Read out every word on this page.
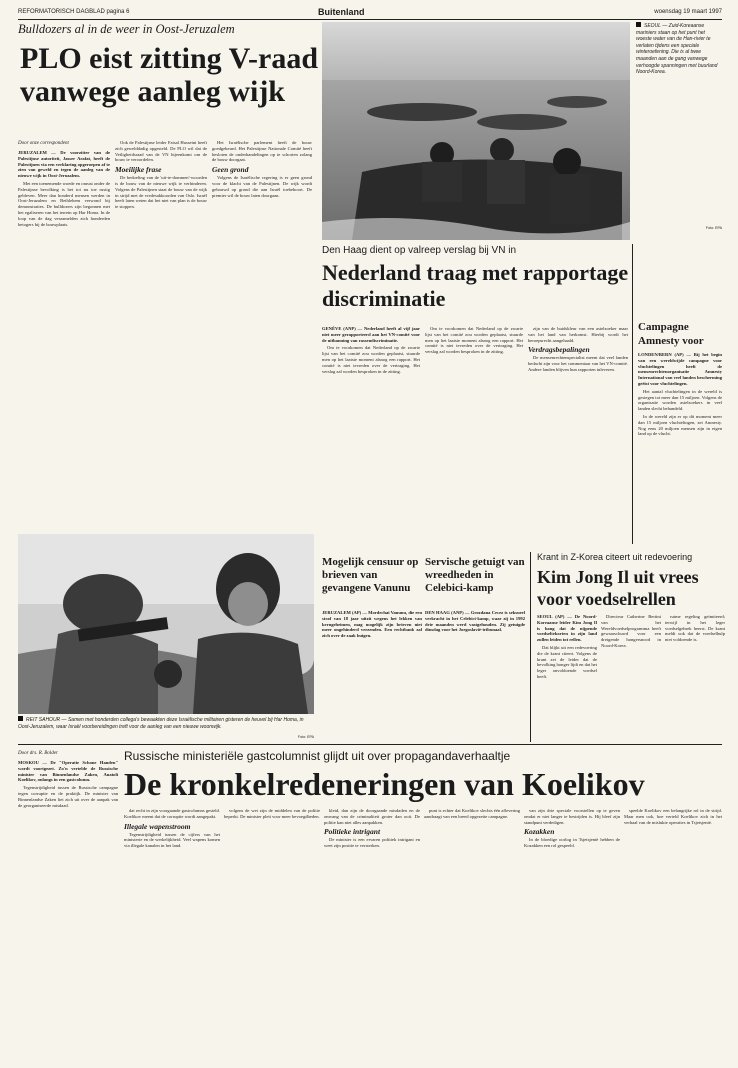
REFORMATORISCH DAGBLAD pagina 6	Buitenland	woensdag 19 maart 1997
Bulldozers al in de weer in Oost-Jeruzalem
PLO eist zitting V-raad vanwege aanleg wijk
Door onze correspondent

JERUZALEM — De voorzitter van de Palestijnse autoriteit, Jasser Arafat, heeft de Palestijnen via een verklaring opgeroepen af te zien van geweld en tegen de aanleg van de nieuwe wijk in Oost-Jeruzalem.

Met een toenemende woede en onrust onder de Palestijnse bevolking is het tot nu toe rustig gebleven. Meer dan honderd mensen werden in Oost-Jeruzalem en Bethlehem verwond bij demonstraties. De bulldozers zijn begonnen met het egaliseren van het terrein op Har Homa. In de loop van de dag verzamelden zich honderden betogers bij de bouwplaats.

Ook de Palestijnse leider Faisal Husseini heeft zich gewelddadig opgesteld. De PLO wil dat de Veiligheidsraad van de VN bijeenkomt om de bouw te veroordelen.

Moeilijke frase

De bedoeling van de 'uit-te-dommen'-woorden is de bouw van de nieuwe wijk te verhinderen. Volgens de Palestijnen staat de bouw van de wijk in strijd met de vredesakkoorden van Oslo. Israël heeft laten weten dat het niet van plan is de bouw te stoppen.

Het Israëlische parlement heeft de bouw goedgekeurd. Het Palestijnse Nationale Comité heeft besloten de onderhandelingen op te schorten zolang de bouw doorgaat.

Geen grond

Volgens de Israëlische regering is er geen grond voor de klacht van de Palestijnen. De wijk wordt gebouwd op grond die aan Israël toebehoort. De premier wil de bouw laten doorgaan.

SEOUL — Zuid-Koreaanse mariniers staan op het punt het woeste water van de Han-rivier te verlaten tijdens een speciale winteroefening. Die is al twee maanden aan de gang vanwege verhoogde spanningen met buurland Noord-Korea.
Foto: EPA
Den Haag dient op valreep verslag bij VN in
Nederland traag met rapportage discriminatie

GENÈVE (ANP) — Nederland heeft al vijf jaar niet meer gerapporteerd aan het VN-comité voor de uitbanning van rassendiscriminatie.

Om te voorkomen dat Nederland op de zwarte lijst van het comité zou worden geplaatst, stuurde men op het laatste moment alsnog een rapport. Het comité is niet tevreden over de vertraging. Het verslag zal worden besproken in de zitting.

Om te voorkomen dat Nederland op de zwarte lijst van het comité zou worden geplaatst, stuurde men op het laatste moment alsnog een rapport. Het comité is niet tevreden over de vertraging. Het verslag zal worden besproken in de zitting.

zijn van de huidskleur van een asielzoeker maar van het land van herkomst. Hierbij wordt het beroepsrecht aangehaald.

Verdragsbepalingen

De mensenrechtenspecialist meent dat veel landen bedacht zijn voor het commentaar van het VN-comité. Andere landen blijven hun rapporten inleveren.

Campagne Amnesty voor

LONDEN/BERN (AP) — Bij het begin van een wereldwijde campagne voor vluchtelingen heeft de mensenrechtenorganisatie Amnesty International van veel landen bescherming geëist voor vluchtelingen.

Het aantal vluchtelingen in de wereld is gestegen tot meer dan 15 miljoen. Volgens de organisatie worden asielzoekers in veel landen slecht behandeld.

In de wereld zijn er op dit moment meer dan 15 miljoen vluchtelingen, zei Amnesty. Nog eens 20 miljoen mensen zijn in eigen land op de vlucht.

REIT SAHOUR — Samen met honderden collega's bewaakten deze Israëlische militairen gisteren de heuvel bij Har Homa, in Oost-Jeruzalem, waar Israël voorbereidingen treft voor de aanleg van een nieuwe woonwijk.
Foto: EPA
Mogelijk censuur op brieven van gevangene Vanunu

JERUZALEM (AP) — Mordechai Vanunu, die een straf van 18 jaar uitzit wegens het lekken van kerngeheimen, mag mogelijk zijn brieven niet meer ongehinderd verzenden. Een rechtbank zal zich over de zaak buigen.

Servische getuigt van wreedheden in Celebici-kamp

DEN HAAG (ANP) — Grozdana Cecez is seksueel verkracht in het Celebici-kamp, waar zij in 1992 drie maanden werd vastgehouden. Zij getuigde dinsdag voor het Joegoslavië-tribunaal.

Krant in Z-Korea citeert uit redevoering
Kim Jong Il uit vrees voor voedselrellen

SEOUL (AP) — De Noord-Koreaanse leider Kim Jong Il is bang dat de nijpende voedseltekorten in zijn land zullen leiden tot rellen.

Dat blijkt uit een redevoering die de krant citeert. Volgens de krant zei de leider dat de bevolking honger lijdt en dat het leger onvoldoende voedsel heeft.

Directeur Catherine Bertini van het Wereldvoedselprogramma heeft gewaarschuwd voor een dreigende hongersnood in Noord-Korea.

ruime regeling geïmiteerd; terwijl in het leger voedselgebrek heerst. De krant meldt ook dat de voedselhulp niet voldoende is.

Door drs. R. Bolder

MOSKOU — De "Operatie Schone Handen" wordt voortgezet. Zo'n vertelde de Russische minister van Binnenlandse Zaken, Anatoli Koelikov, onlangs in een gastcolumn.

Tegenstrijdigheid tussen de Russische campagne tegen corruptie en de praktijk. De minister van Binnenlandse Zaken liet zich uit over de aanpak van de georganiseerde misdaad.

Russische ministeriële gastcolumnist glijdt uit over propagandaverhaaltje
De kronkelredeneringen van Koelikov

dat recht in zijn voorgaande gastcolumns gesteld. Koelikov meent dat de corruptie wordt aangepakt.

Illegale wapenstroom

Tegenstrijdigheid tussen de cijfers van het ministerie en de werkelijkheid. Veel wapens komen via illegale kanalen in het land.

volgens de wet zijn de middelen van de politie beperkt. De minister pleit voor meer bevoegdheden.

kleid, dan zijn de doorgaande misdaden en de omvang van de criminaliteit groter dan ooit. De politie kan niet alles aanpakken.

Politieke intrigant

De minister is een ervaren politiek intrigant en weet zijn positie te versterken.

punt is echter dat Koelikov slechts één aflevering aandraagt van een breed opgezette campagne.

van zijn drie speciale voorstellen op te geven omdat er niet langer te bestrijden is. Hij bleef zijn standpunt verdedigen.

Kozakken

In de bloedige oorlog in Tsjetsjenië hebben de Kozakken een rol gespeeld.

speelde Koelikov een belangrijke rol in de strijd. Maar men ook, hoe verteld Koelikov zich in het verhaal van de mislukte operaties in Tsjetsjenië.
